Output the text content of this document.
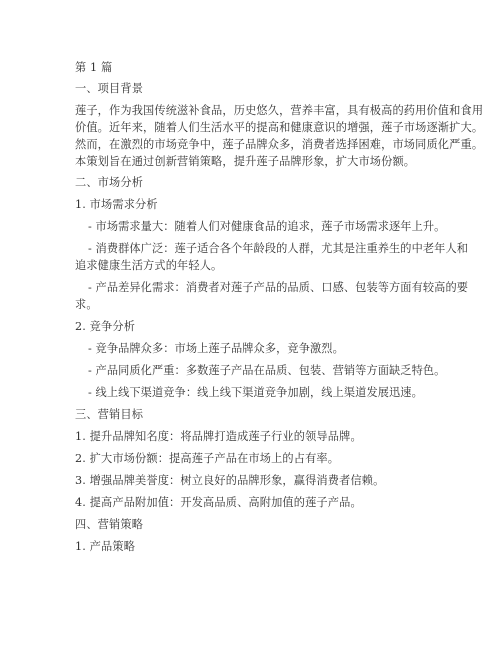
第 1 篇
一、项目背景
莲子，作为我国传统滋补食品，历史悠久，营养丰富，具有极高的药用价值和食用
价值。近年来，随着人们生活水平的提高和健康意识的增强，莲子市场逐渐扩大。
然而，在激烈的市场竞争中，莲子品牌众多，消费者选择困难，市场同质化严重。
本策划旨在通过创新营销策略，提升莲子品牌形象，扩大市场份额。
二、市场分析
1. 市场需求分析
- 市场需求量大：随着人们对健康食品的追求，莲子市场需求逐年上升。
- 消费群体广泛：莲子适合各个年龄段的人群，尤其是注重养生的中老年人和
追求健康生活方式的年轻人。
- 产品差异化需求：消费者对莲子产品的品质、口感、包装等方面有较高的要
求。
2. 竞争分析
- 竞争品牌众多：市场上莲子品牌众多，竞争激烈。
- 产品同质化严重：多数莲子产品在品质、包装、营销等方面缺乏特色。
- 线上线下渠道竞争：线上线下渠道竞争加剧，线上渠道发展迅速。
三、营销目标
1. 提升品牌知名度：将品牌打造成莲子行业的领导品牌。
2. 扩大市场份额：提高莲子产品在市场上的占有率。
3. 增强品牌美誉度：树立良好的品牌形象，赢得消费者信赖。
4. 提高产品附加值：开发高品质、高附加值的莲子产品。
四、营销策略
1. 产品策略
